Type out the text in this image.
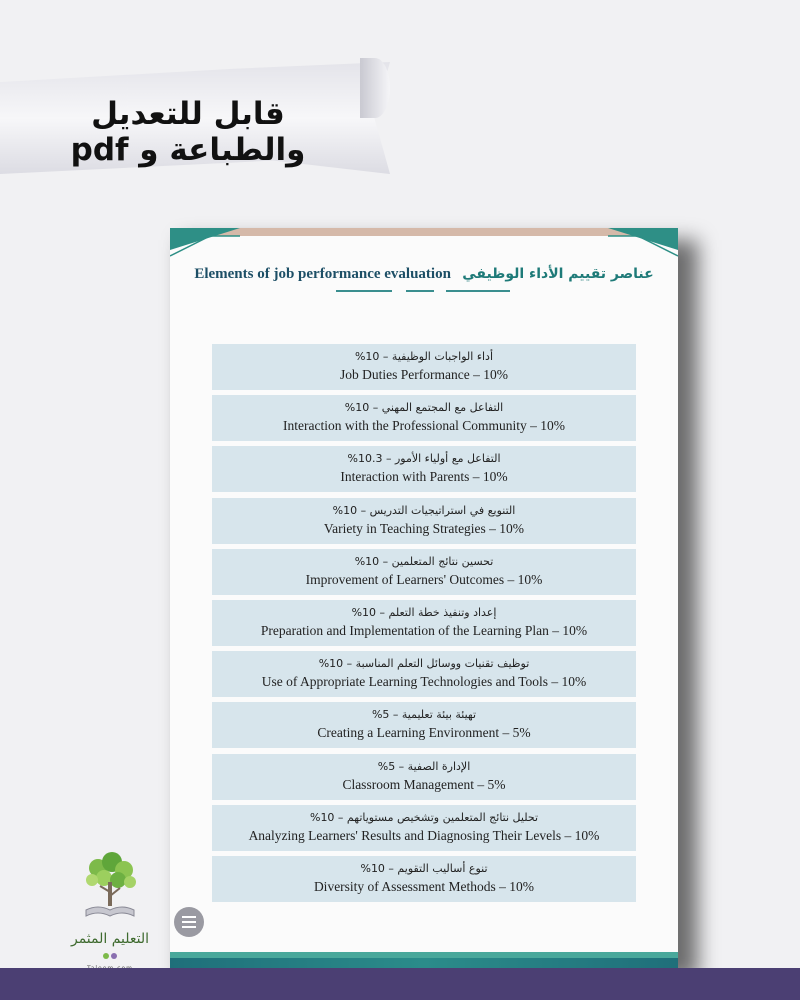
قابل للتعديل والطباعة و pdf
Elements of job performance evaluation عناصر تقييم الأداء الوظيفي
أداء الواجبات الوظيفية – 10%
Job Duties Performance – 10%
التفاعل مع المجتمع المهني – 10%
Interaction with the Professional Community – 10%
التفاعل مع أولياء الأمور – 10.3%
Interaction with Parents – 10%
التنويع في استراتيجيات التدريس – 10%
Variety in Teaching Strategies – 10%
تحسين نتائج المتعلمين – 10%
Improvement of Learners' Outcomes – 10%
إعداد وتنفيذ خطة التعلم – 10%
Preparation and Implementation of the Learning Plan – 10%
توظيف تقنيات ووسائل التعلم المناسبة – 10%
Use of Appropriate Learning Technologies and Tools – 10%
تهيئة بيئة تعليمية – 5%
Creating a Learning Environment – 5%
الإدارة الصفية – 5%
Classroom Management – 5%
تحليل نتائج المتعلمين وتشخيص مستوياتهم – 10%
Analyzing Learners' Results and Diagnosing Their Levels – 10%
تنوع أساليب التقويم – 10%
Diversity of Assessment Methods – 10%
التعليم المثمر
